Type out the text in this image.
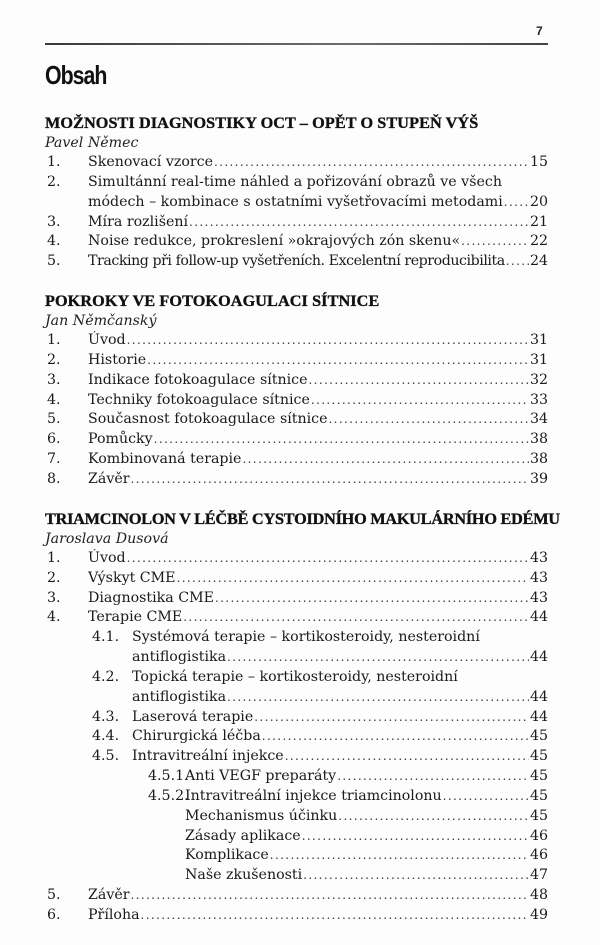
7
Obsah
MOŽNOSTI DIAGNOSTIKY OCT – OPĚT O STUPEŇ VÝŠ
Pavel Němec
1. Skenovací vzorce .....	15
2. Simultánní real-time náhled a pořizování obrazů ve všech
módech – kombinace s ostatními vyšetřovacími metodami ..... 20
3. Míra rozlišení .....	21
4. Noise redukce, prokreslení »okrajových zón skenu« .....	22
5. Tracking při follow-up vyšetřeních. Excelentní reproducibilita ..... 24
POKROKY VE FOTOKOAGULACI SÍTNICE
Jan Němčanský
1. Úvod .....	31
2. Historie .....	31
3. Indikace fotokoagulace sítnice .....	32
4. Techniky fotokoagulace sítnice .....	33
5. Současnost fotokoagulace sítnice .....	34
6. Pomůcky .....	38
7. Kombinovaná terapie .....	38
8. Závěr .....	39
TRIAMCINOLON V LÉČBĚ CYSTOIDNÍHO MAKULÁRNÍHO EDÉMU
Jaroslava Dusová
1. Úvod .....	43
2. Výskyt CME .....	43
3. Diagnostika CME .....	43
4. Terapie CME .....	44
4.1. Systémová terapie – kortikosteroidy, nesteroidní
antiflogistika .....	44
4.2. Topická terapie – kortikosteroidy, nesteroidní
antiflogistika .....	44
4.3. Laserová terapie .....	44
4.4. Chirurgická léčba .....	45
4.5. Intravitreální injekce .....	45
4.5.1.
Anti VEGF preparáty .....	45
4.5.2.
Intravitreální injekce triamcinolonu .....	45
Mechanismus účinku .....	45
Zásady aplikace .....	46
Komplikace .....	46
Naše zkušenosti .....	47
5. Závěr .....	48
6. Příloha .....	49
